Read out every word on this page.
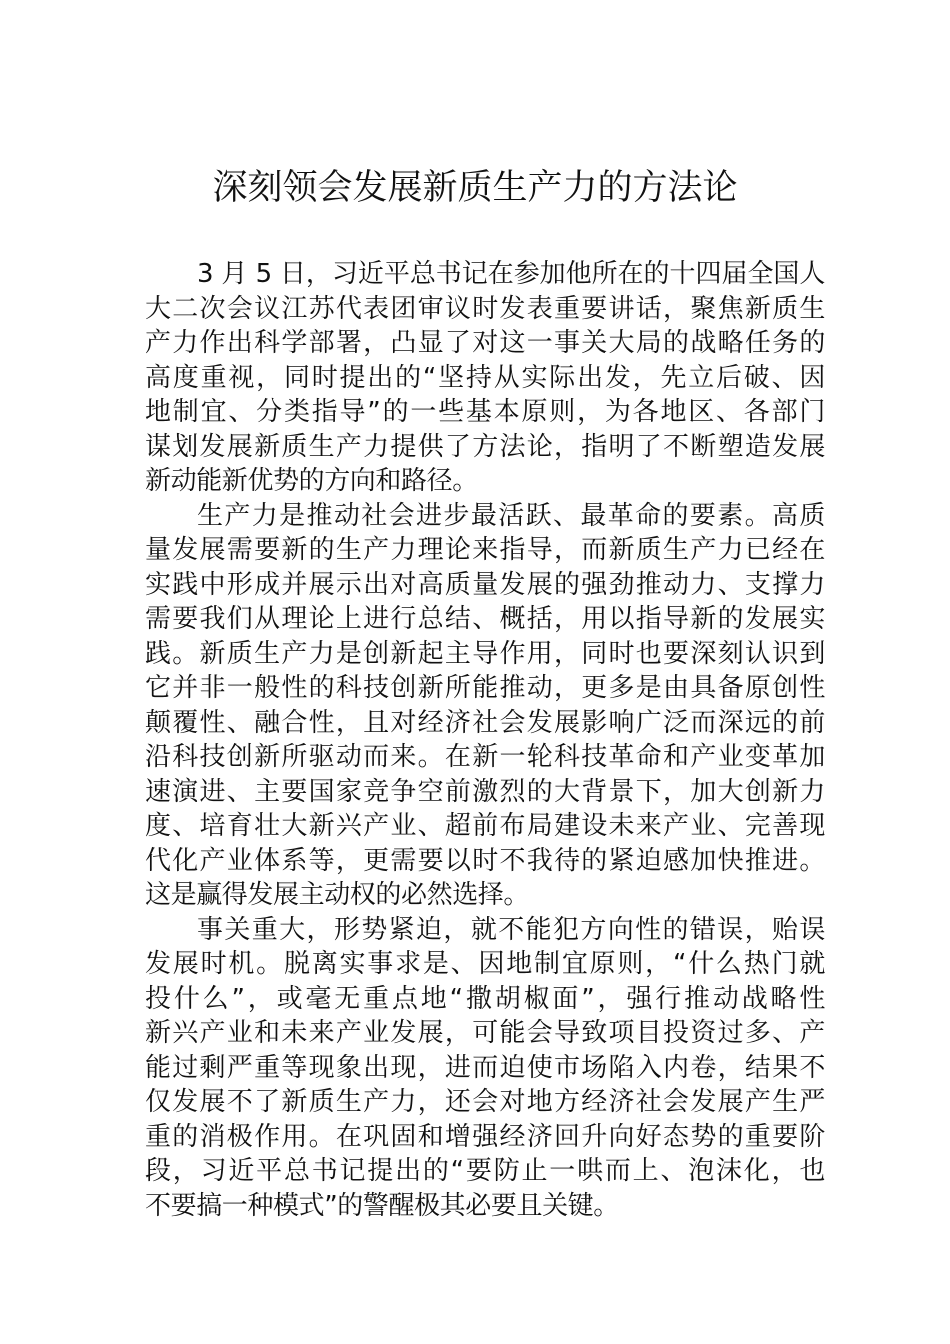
深刻领会发展新质生产力的方法论
3 月 5 日，习近平总书记在参加他所在的十四届全国人
大二次会议江苏代表团审议时发表重要讲话，聚焦新质生
产力作出科学部署，凸显了对这一事关大局的战略任务的
高度重视，同时提出的“坚持从实际出发，先立后破、因
地制宜、分类指导”的一些基本原则，为各地区、各部门
谋划发展新质生产力提供了方法论，指明了不断塑造发展
新动能新优势的方向和路径。
生产力是推动社会进步最活跃、最革命的要素。高质
量发展需要新的生产力理论来指导，而新质生产力已经在
实践中形成并展示出对高质量发展的强劲推动力、支撑力
需要我们从理论上进行总结、概括，用以指导新的发展实
践。新质生产力是创新起主导作用，同时也要深刻认识到
它并非一般性的科技创新所能推动，更多是由具备原创性
颠覆性、融合性，且对经济社会发展影响广泛而深远的前
沿科技创新所驱动而来。在新一轮科技革命和产业变革加
速演进、主要国家竞争空前激烈的大背景下，加大创新力
度、培育壮大新兴产业、超前布局建设未来产业、完善现
代化产业体系等，更需要以时不我待的紧迫感加快推进。
这是赢得发展主动权的必然选择。
事关重大，形势紧迫，就不能犯方向性的错误，贻误
发展时机。脱离实事求是、因地制宜原则，“什么热门就
投什么”，或毫无重点地“撒胡椒面”，强行推动战略性
新兴产业和未来产业发展，可能会导致项目投资过多、产
能过剩严重等现象出现，进而迫使市场陷入内卷，结果不
仅发展不了新质生产力，还会对地方经济社会发展产生严
重的消极作用。在巩固和增强经济回升向好态势的重要阶
段，习近平总书记提出的“要防止一哄而上、泡沫化，也
不要搞一种模式”的警醒极其必要且关键。
